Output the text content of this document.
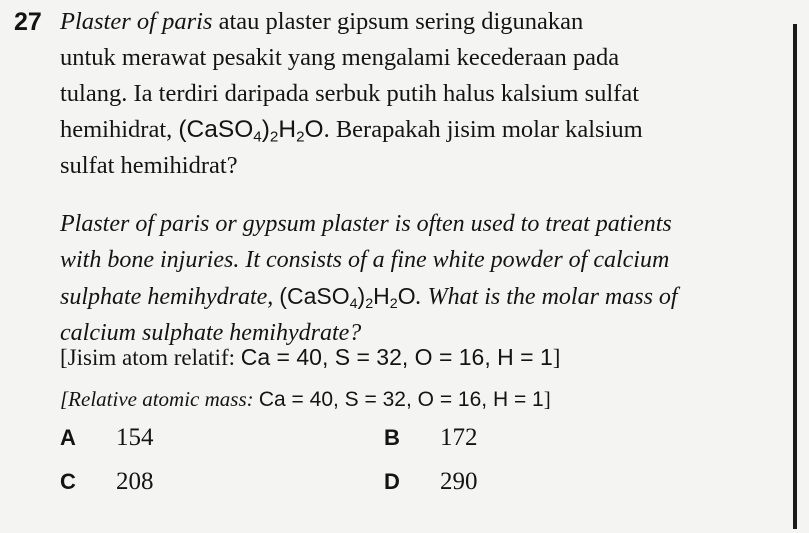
27 Plaster of paris atau plaster gipsum sering digunakan
untuk merawat pesakit yang mengalami kecederaan pada
tulang. Ia terdiri daripada serbuk putih halus kalsium sulfat
hemihidrat, $(CaSO_4)_2H_2O$. Berapakah jisim molar kalsium
sulfat hemihidrat?
Plaster of paris or gypsum plaster is often used to treat patients
with bone injuries. It consists of a fine white powder of calcium
sulphate hemihydrate, $(CaSO_4)_2H_2O$. What is the molar mass of
calcium sulphate hemihydrate?
[Jisim atom relatif: Ca = 40, S = 32, O = 16, H = 1]
[Relative atomic mass: Ca = 40, S = 32, O = 16, H = 1]
A 154	B 172
C 208	D 290
